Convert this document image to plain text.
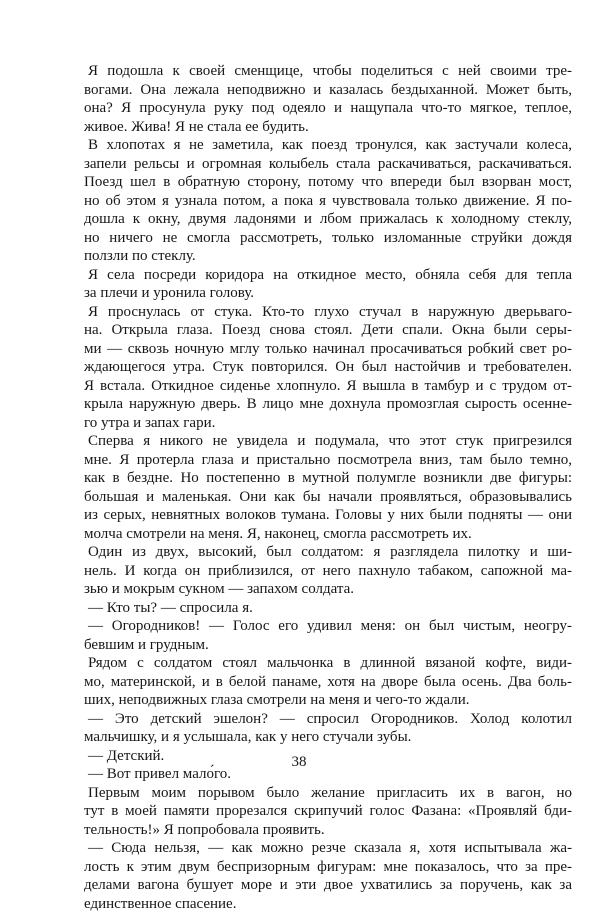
Я подошла к своей сменщице, чтобы поделиться с ней своими тре-
вогами. Она лежала неподвижно и казалась бездыханной. Может быть,
она? Я просунула руку под одеяло и нащупала что-то мягкое, теплое,
живое. Жива! Я не стала ее будить.
В хлопотах я не заметила, как поезд тронулся, как застучали колеса,
запели рельсы и огромная колыбель стала раскачиваться, раскачиваться.
Поезд шел в обратную сторону, потому что впереди был взорван мост,
но об этом я узнала потом, а пока я чувствовала только движение. Я по-
дошла к окну, двумя ладонями и лбом прижалась к холодному стеклу,
но ничего не смогла рассмотреть, только изломанные струйки дождя
ползли по стеклу.
Я села посреди коридора на откидное место, обняла себя для тепла
за плечи и уронила голову.
Я проснулась от стука. Кто-то глухо стучал в наружную дверьваго-
на. Открыла глаза. Поезд снова стоял. Дети спали. Окна были серы-
ми — сквозь ночную мглу только начинал просачиваться робкий свет ро-
ждающегося утра. Стук повторился. Он был настойчив и требователен.
Я встала. Откидное сиденье хлопнуло. Я вышла в тамбур и с трудом от-
крыла наружную дверь. В лицо мне дохнула промозглая сырость осенне-
го утра и запах гари.
Сперва я никого не увидела и подумала, что этот стук пригрезился
мне. Я протерла глаза и пристально посмотрела вниз, там было темно,
как в бездне. Но постепенно в мутной полумгле возникли две фигуры:
большая и маленькая. Они как бы начали проявляться, образовывались
из серых, невнятных волоков тумана. Головы у них были подняты — они
молча смотрели на меня. Я, наконец, смогла рассмотреть их.
Один из двух, высокий, был солдатом: я разглядела пилотку и ши-
нель. И когда он приблизился, от него пахнуло табаком, сапожной ма-
зью и мокрым сукном — запахом солдата.
— Кто ты? — спросила я.
— Огородников! — Голос его удивил меня: он был чистым, неогру-
бевшим и грудным.
Рядом с солдатом стоял мальчонка в длинной вязаной кофте, види-
мо, материнской, и в белой панаме, хотя на дворе была осень. Два боль-
ших, неподвижных глаза смотрели на меня и чего-то ждали.
— Это детский эшелон? — спросил Огородников. Холод колотил
мальчишку, и я услышала, как у него стучали зубы.
— Детский.
— Вот привел мало́го.
Первым моим порывом было желание пригласить их в вагон, но
тут в моей памяти прорезался скрипучий голос Фазана: «Проявляй бди-
тельность!» Я попробовала проявить.
— Сюда нельзя, — как можно резче сказала я, хотя испытывала жа-
лость к этим двум беспризорным фигурам: мне показалось, что за пре-
делами вагона бушует море и эти двое ухватились за поручень, как за
единственное спасение.
38
